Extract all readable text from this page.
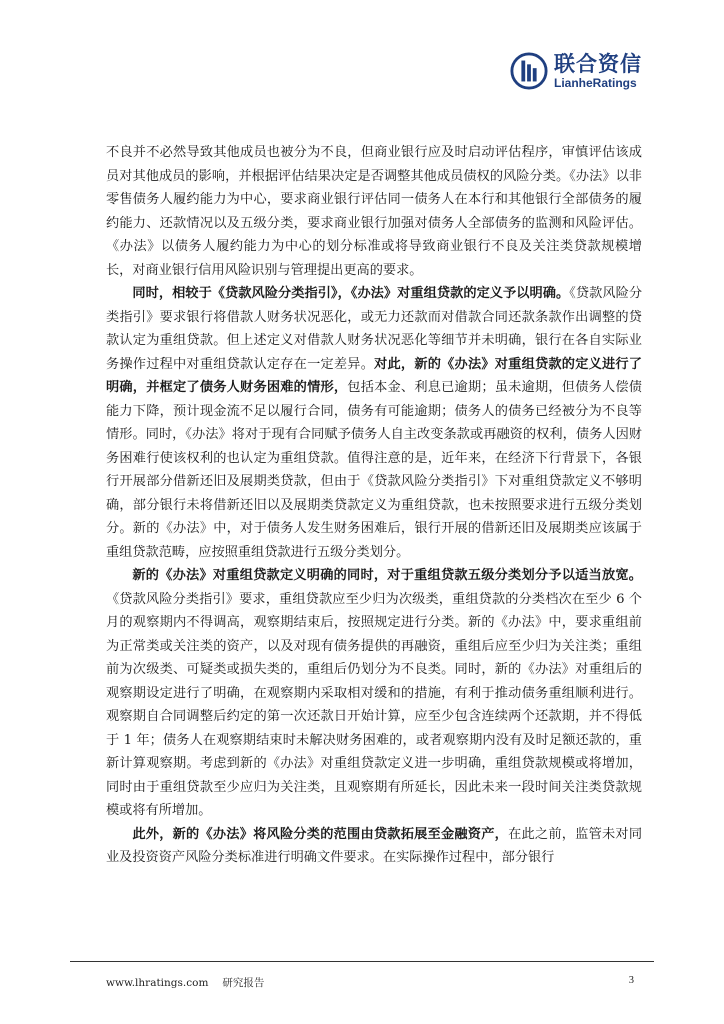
联合资信
LianheRatings

不良并不必然导致其他成员也被分为不良，但商业银行应及时启动评估程序，审慎评估该成员对其他成员的影响，并根据评估结果决定是否调整其他成员债权的风险分类。《办法》以非零售债务人履约能力为中心，要求商业银行评估同一债务人在本行和其他银行全部债务的履约能力、还款情况以及五级分类，要求商业银行加强对债务人全部债务的监测和风险评估。《办法》以债务人履约能力为中心的划分标准或将导致商业银行不良及关注类贷款规模增长，对商业银行信用风险识别与管理提出更高的要求。

同时，相较于《贷款风险分类指引》，《办法》对重组贷款的定义予以明确。《贷款风险分类指引》要求银行将借款人财务状况恶化，或无力还款而对借款合同还款条款作出调整的贷款认定为重组贷款。但上述定义对借款人财务状况恶化等细节并未明确，银行在各自实际业务操作过程中对重组贷款认定存在一定差异。对此，新的《办法》对重组贷款的定义进行了明确，并框定了债务人财务困难的情形，包括本金、利息已逾期；虽未逾期，但债务人偿债能力下降，预计现金流不足以履行合同，债务有可能逾期；债务人的债务已经被分为不良等情形。同时，《办法》将对于现有合同赋予债务人自主改变条款或再融资的权利，债务人因财务困难行使该权利的也认定为重组贷款。值得注意的是，近年来，在经济下行背景下，各银行开展部分借新还旧及展期类贷款，但由于《贷款风险分类指引》下对重组贷款定义不够明确，部分银行未将借新还旧以及展期类贷款定义为重组贷款，也未按照要求进行五级分类划分。新的《办法》中，对于债务人发生财务困难后，银行开展的借新还旧及展期类应该属于重组贷款范畴，应按照重组贷款进行五级分类划分。

新的《办法》对重组贷款定义明确的同时，对于重组贷款五级分类划分予以适当放宽。《贷款风险分类指引》要求，重组贷款应至少归为次级类，重组贷款的分类档次在至少 6 个月的观察期内不得调高，观察期结束后，按照规定进行分类。新的《办法》中，要求重组前为正常类或关注类的资产，以及对现有债务提供的再融资，重组后应至少归为关注类；重组前为次级类、可疑类或损失类的，重组后仍划分为不良类。同时，新的《办法》对重组后的观察期设定进行了明确，在观察期内采取相对缓和的措施，有利于推动债务重组顺利进行。观察期自合同调整后约定的第一次还款日开始计算，应至少包含连续两个还款期，并不得低于 1 年；债务人在观察期结束时未解决财务困难的，或者观察期内没有及时足额还款的，重新计算观察期。考虑到新的《办法》对重组贷款定义进一步明确，重组贷款规模或将增加，同时由于重组贷款至少应归为关注类，且观察期有所延长，因此未来一段时间关注类贷款规模或将有所增加。

此外，新的《办法》将风险分类的范围由贷款拓展至金融资产，在此之前，监管未对同业及投资资产风险分类标准进行明确文件要求。在实际操作过程中，部分银行

www.lhratings.com 研究报告	3
